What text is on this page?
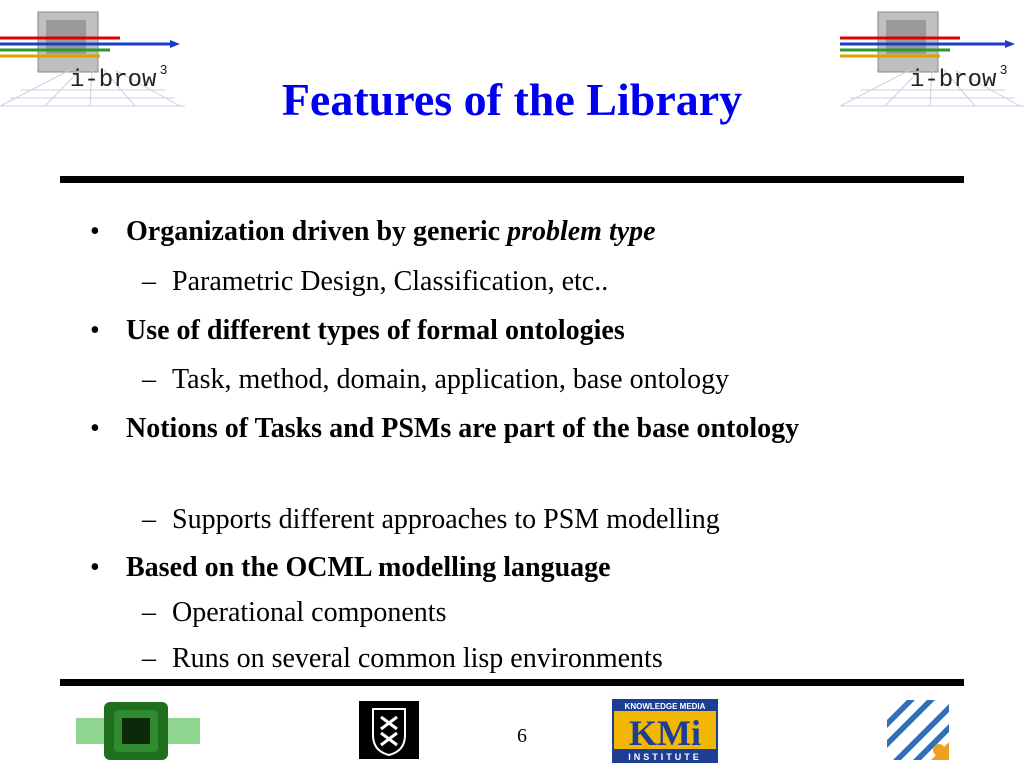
i-brow 3	i-brow 3
Features of the Library
• Organization driven by generic problem type
– Parametric Design, Classification, etc..
• Use of different types of formal ontologies
– Task, method, domain, application, base ontology
• Notions of Tasks and PSMs are part of the base ontology
– Supports different approaches to PSM modelling
• Based on the OCML modelling language
– Operational components
– Runs on several common lisp environments
6
KNOWLEDGE MEDIA
KMi
INSTITUTE
